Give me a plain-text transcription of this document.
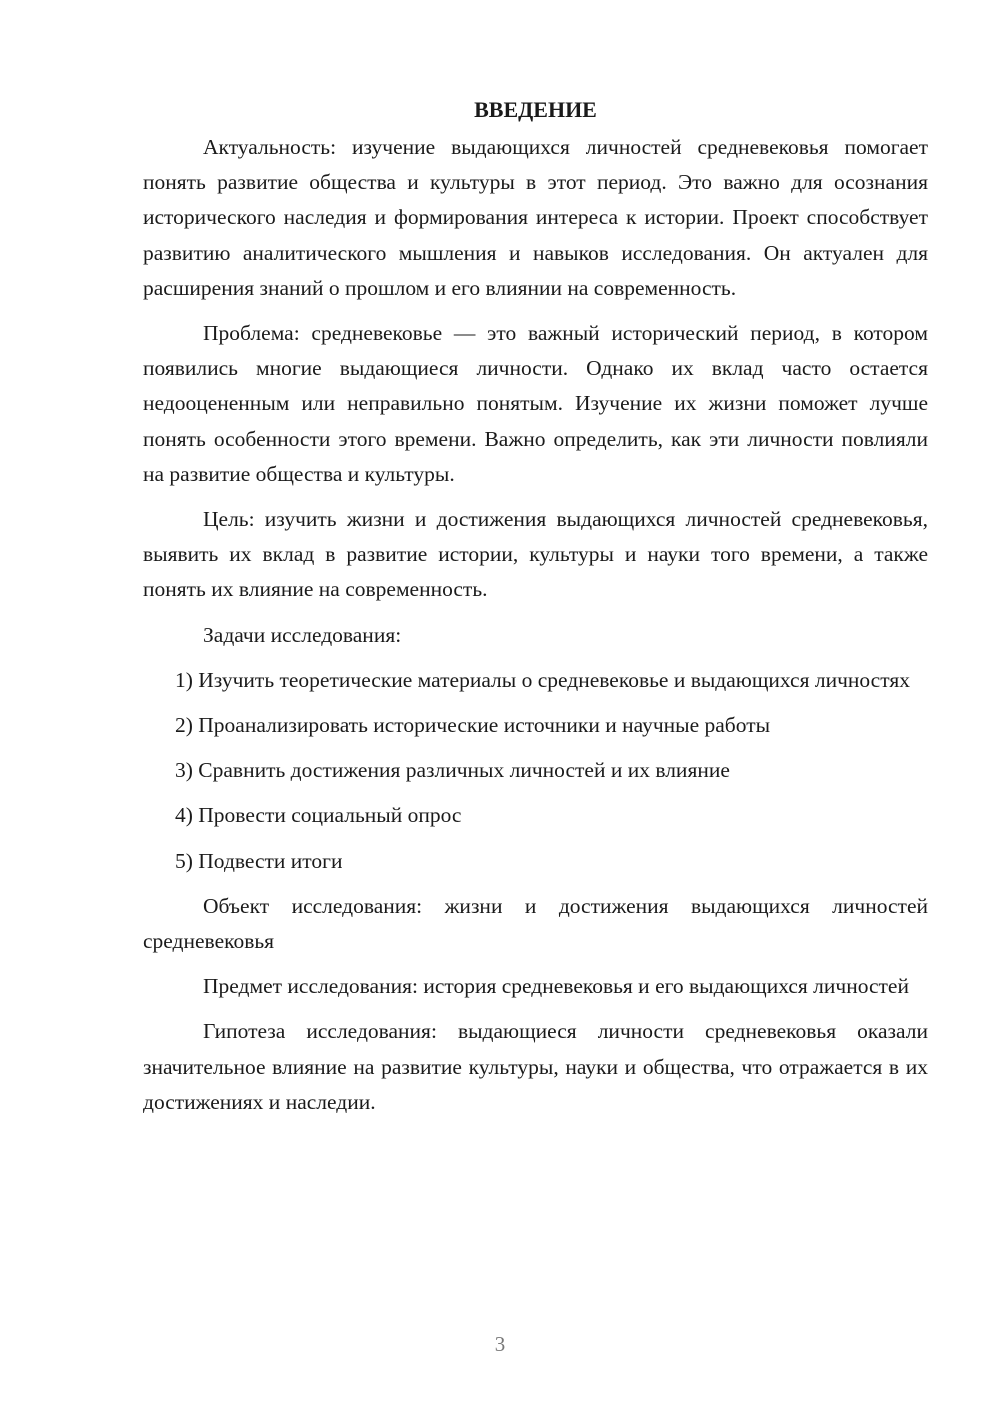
ВВЕДЕНИЕ

Актуальность: изучение выдающихся личностей средневековья помогает понять развитие общества и культуры в этот период. Это важно для осознания исторического наследия и формирования интереса к истории. Проект способствует развитию аналитического мышления и навыков исследования. Он актуален для расширения знаний о прошлом и его влиянии на современность.

Проблема: средневековье — это важный исторический период, в котором появились многие выдающиеся личности. Однако их вклад часто остается недооцененным или неправильно понятым. Изучение их жизни поможет лучше понять особенности этого времени. Важно определить, как эти личности повлияли на развитие общества и культуры.

Цель: изучить жизни и достижения выдающихся личностей средневековья, выявить их вклад в развитие истории, культуры и науки того времени, а также понять их влияние на современность.

Задачи исследования:

1) Изучить теоретические материалы о средневековье и выдающихся личностях

2) Проанализировать исторические источники и научные работы

3) Сравнить достижения различных личностей и их влияние

4) Провести социальный опрос

5) Подвести итоги

Объект исследования: жизни и достижения выдающихся личностей средневековья

Предмет исследования: история средневековья и его выдающихся личностей

Гипотеза исследования: выдающиеся личности средневековья оказали значительное влияние на развитие культуры, науки и общества, что отражается в их достижениях и наследии.

3
